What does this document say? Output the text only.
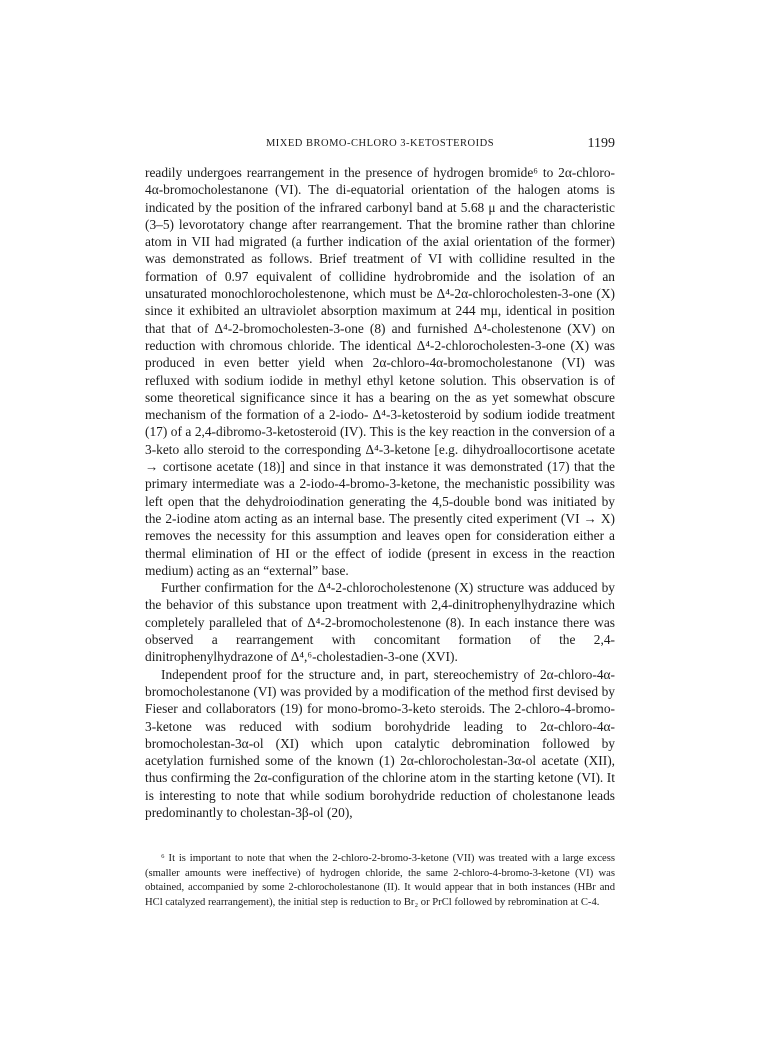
MIXED BROMO-CHLORO 3-KETOSTEROIDS	1199

readily undergoes rearrangement in the presence of hydrogen bromide⁶ to 2α-chloro-4α-bromocholestanone (VI). The di-equatorial orientation of the halogen atoms is indicated by the position of the infrared carbonyl band at 5.68 μ and the characteristic (3–5) levorotatory change after rearrangement. That the bromine rather than chlorine atom in VII had migrated (a further indication of the axial orientation of the former) was demonstrated as follows. Brief treatment of VI with collidine resulted in the formation of 0.97 equivalent of collidine hydrobromide and the isolation of an unsaturated monochlorocholestenone, which must be Δ⁴-2α-chlorocholesten-3-one (X) since it exhibited an ultraviolet absorption maximum at 244 mμ, identical in position that that of Δ⁴-2-bromocholesten-3-one (8) and furnished Δ⁴-cholestenone (XV) on reduction with chromous chloride. The identical Δ⁴-2-chlorocholesten-3-one (X) was produced in even better yield when 2α-chloro-4α-bromocholestanone (VI) was refluxed with sodium iodide in methyl ethyl ketone solution. This observation is of some theoretical significance since it has a bearing on the as yet somewhat obscure mechanism of the formation of a 2-iodo- Δ⁴-3-ketosteroid by sodium iodide treatment (17) of a 2,4-dibromo-3-ketosteroid (IV). This is the key reaction in the conversion of a 3-keto allo steroid to the corresponding Δ⁴-3-ketone [e.g. dihydroallocortisone acetate → cortisone acetate (18)] and since in that instance it was demonstrated (17) that the primary intermediate was a 2-iodo-4-bromo-3-ketone, the mechanistic possibility was left open that the dehydroiodination generating the 4,5-double bond was initiated by the 2-iodine atom acting as an internal base. The presently cited experiment (VI → X) removes the necessity for this assumption and leaves open for consideration either a thermal elimination of HI or the effect of iodide (present in excess in the reaction medium) acting as an “external” base.

Further confirmation for the Δ⁴-2-chlorocholestenone (X) structure was adduced by the behavior of this substance upon treatment with 2,4-dinitrophenylhydrazine which completely paralleled that of Δ⁴-2-bromocholestenone (8). In each instance there was observed a rearrangement with concomitant formation of the 2,4-dinitrophenylhydrazone of Δ⁴,⁶-cholestadien-3-one (XVI).

Independent proof for the structure and, in part, stereochemistry of 2α-chloro-4α-bromocholestanone (VI) was provided by a modification of the method first devised by Fieser and collaborators (19) for mono-bromo-3-keto steroids. The 2-chloro-4-bromo-3-ketone was reduced with sodium borohydride leading to 2α-chloro-4α-bromocholestan-3α-ol (XI) which upon catalytic debromination followed by acetylation furnished some of the known (1) 2α-chlorocholestan-3α-ol acetate (XII), thus confirming the 2α-configuration of the chlorine atom in the starting ketone (VI). It is interesting to note that while sodium borohydride reduction of cholestanone leads predominantly to cholestan-3β-ol (20),

⁶ It is important to note that when the 2-chloro-2-bromo-3-ketone (VII) was treated with a large excess (smaller amounts were ineffective) of hydrogen chloride, the same 2-chloro-4-bromo-3-ketone (VI) was obtained, accompanied by some 2-chlorocholestanone (II). It would appear that in both instances (HBr and HCl catalyzed rearrangement), the initial step is reduction to Br₂ or PrCl followed by rebromination at C-4.
